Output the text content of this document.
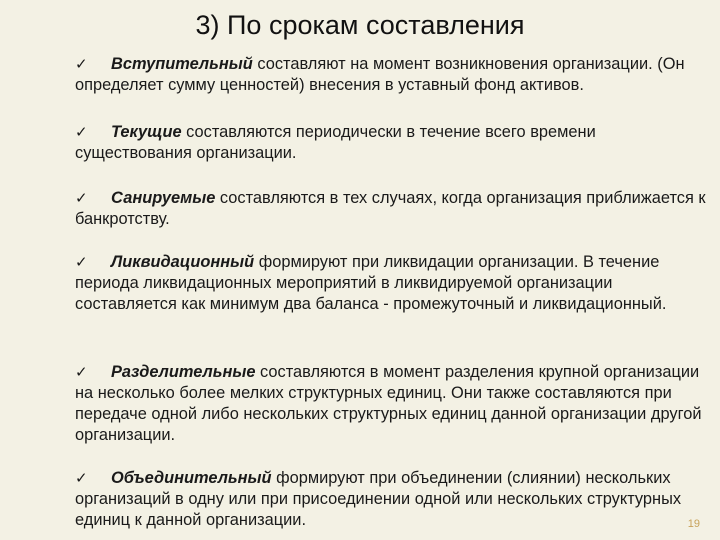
3) По срокам составления
✓ Вступительный составляют на момент возникновения организации. (Он определяет сумму ценностей) внесения в уставный фонд активов.
✓ Текущие составляются периодически в течение всего времени существования организации.
✓ Санируемые составляются в тех случаях, когда организация приближается к банкротству.
✓ Ликвидационный формируют при ликвидации организации. В течение периода ликвидационных мероприятий в ликвидируемой организации составляется как минимум два баланса - промежуточный и ликвидационный.
✓ Разделительные составляются в момент разделения крупной организации на несколько более мелких структурных единиц. Они также составляются при передаче одной либо нескольких структурных единиц данной организации другой организации.
✓ Объединительный формируют при объединении (слиянии) нескольких организаций в одну или при присоединении одной или нескольких структурных единиц к данной организации.	19
